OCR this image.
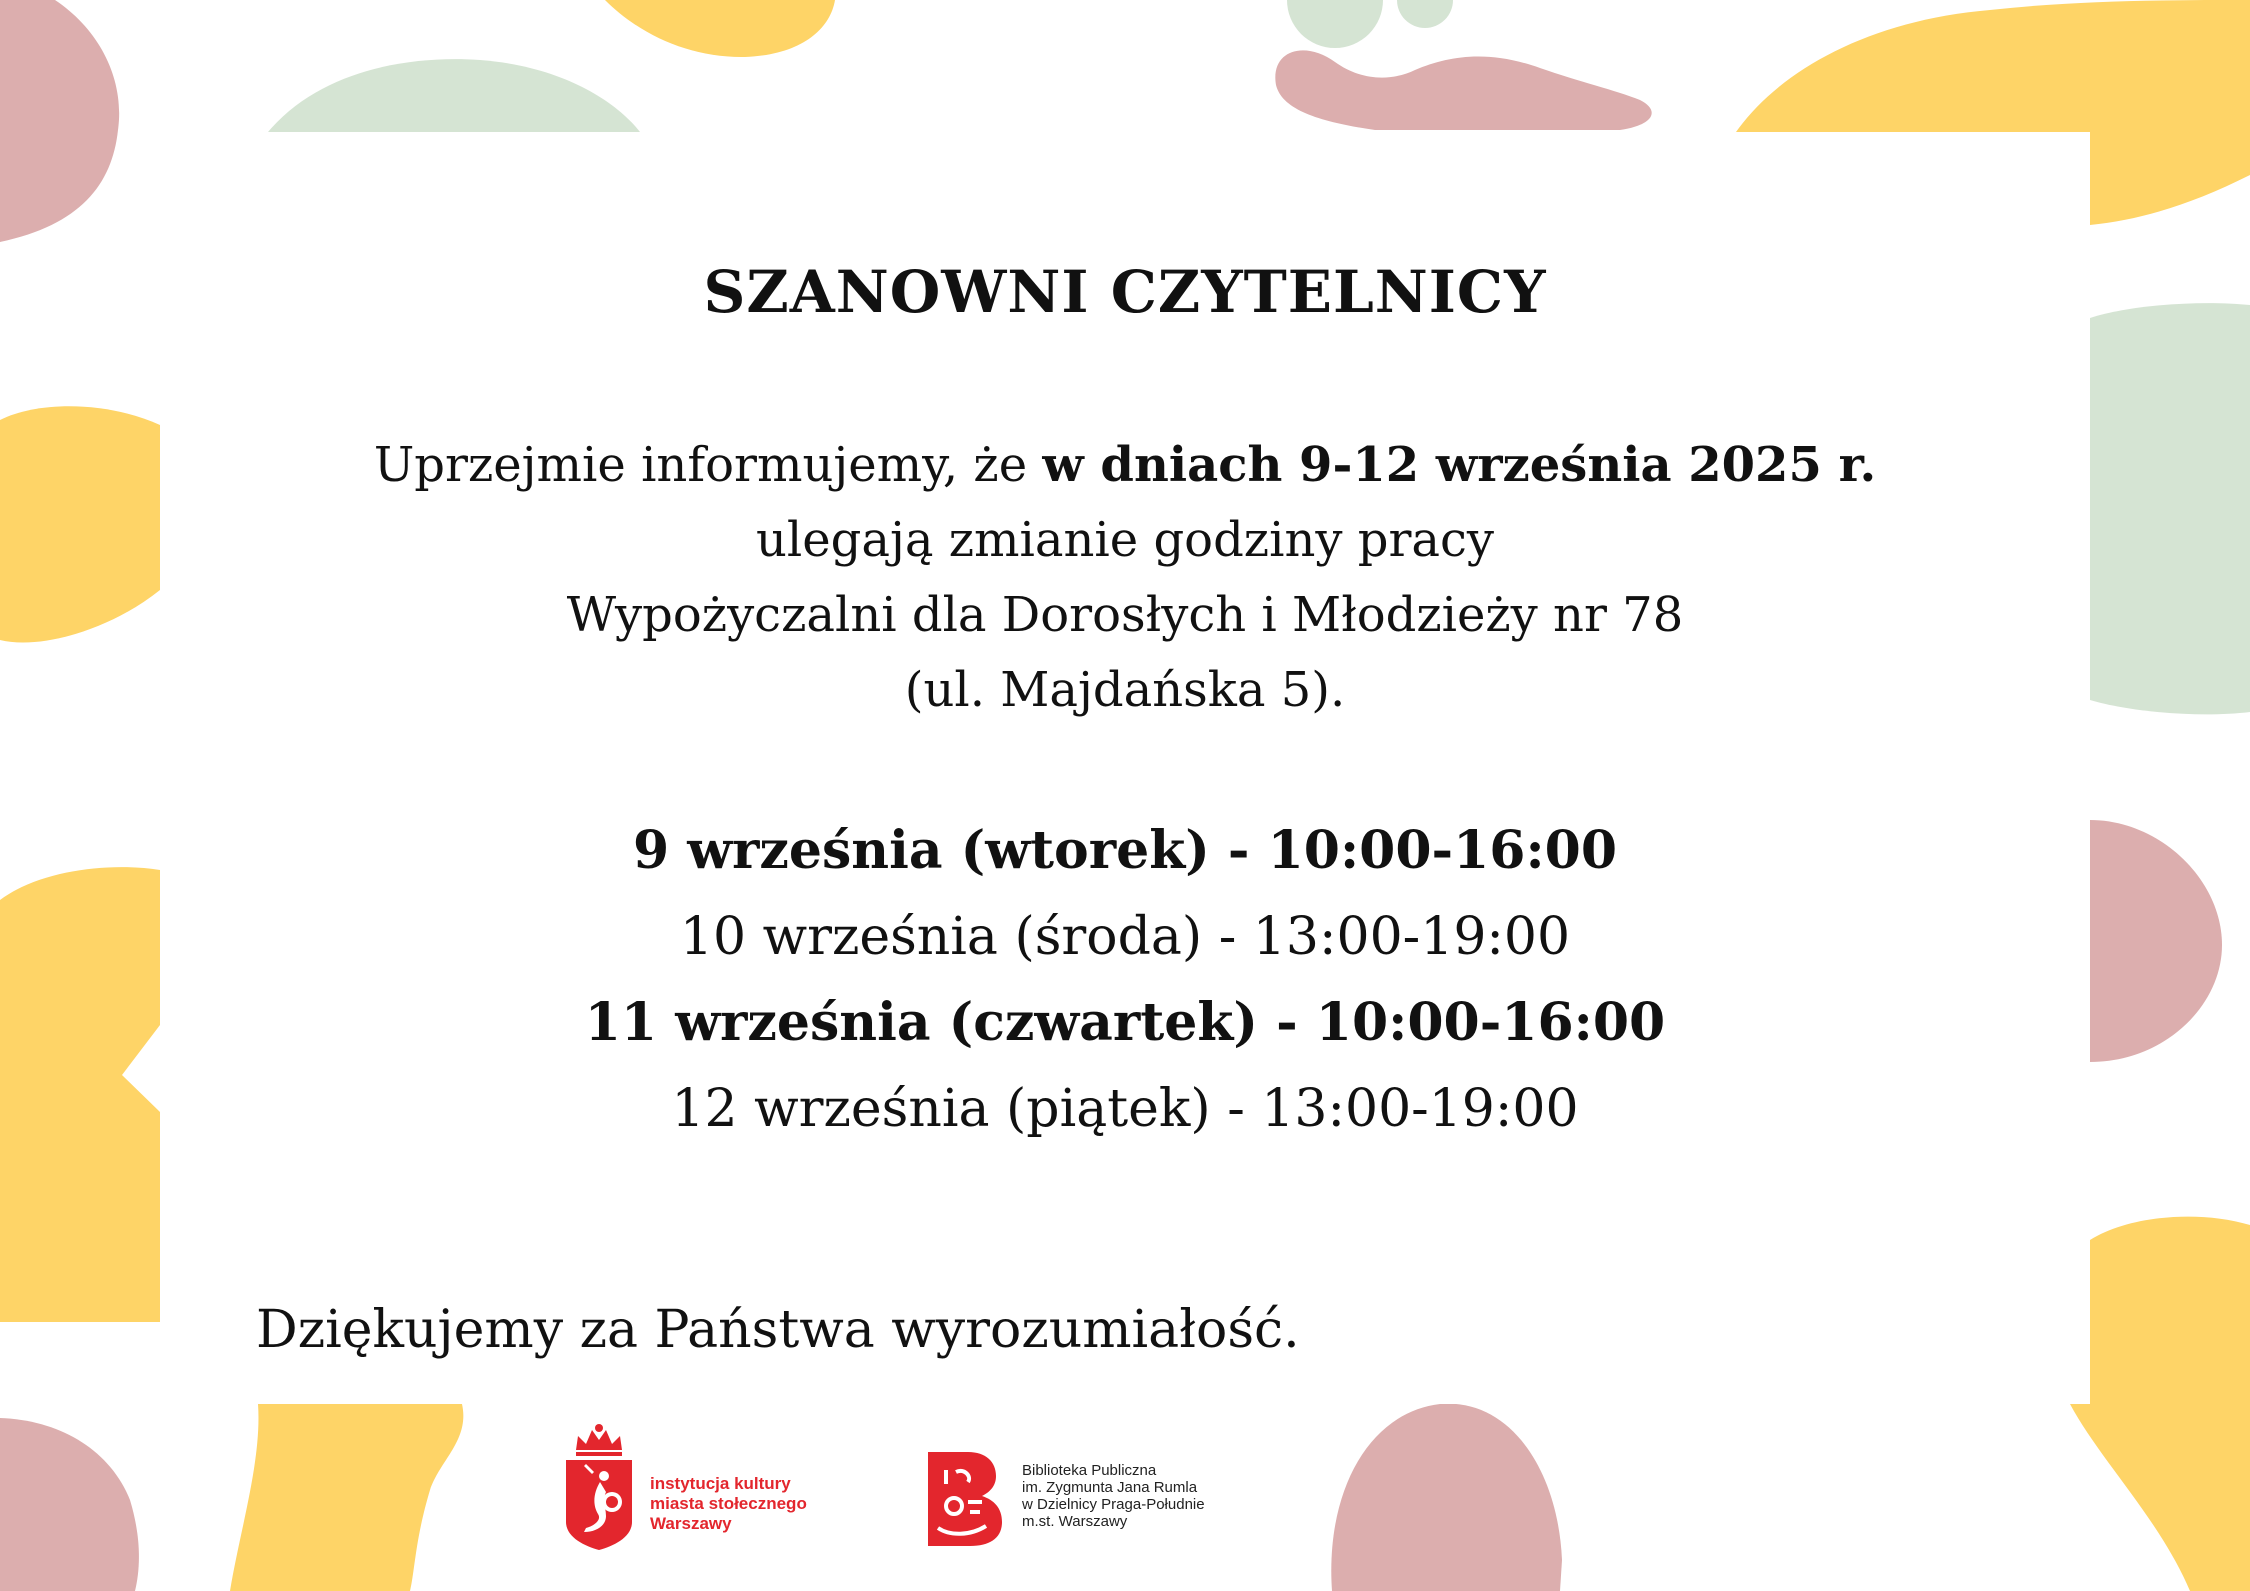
SZANOWNI CZYTELNICY
Uprzejmie informujemy, że w dniach 9-12 września 2025 r.
ulegają zmianie godziny pracy
Wypożyczalni dla Dorosłych i Młodzieży nr 78
(ul. Majdańska 5).
9 września (wtorek) - 10:00-16:00
10 września (środa) - 13:00-19:00
11 września (czwartek) - 10:00-16:00
12 września (piątek) - 13:00-19:00
Dziękujemy za Państwa wyrozumiałość.
instytucja kultury
miasta stołecznego
Warszawy
Biblioteka Publiczna
im. Zygmunta Jana Rumla
w Dzielnicy Praga-Południe
m.st. Warszawy
